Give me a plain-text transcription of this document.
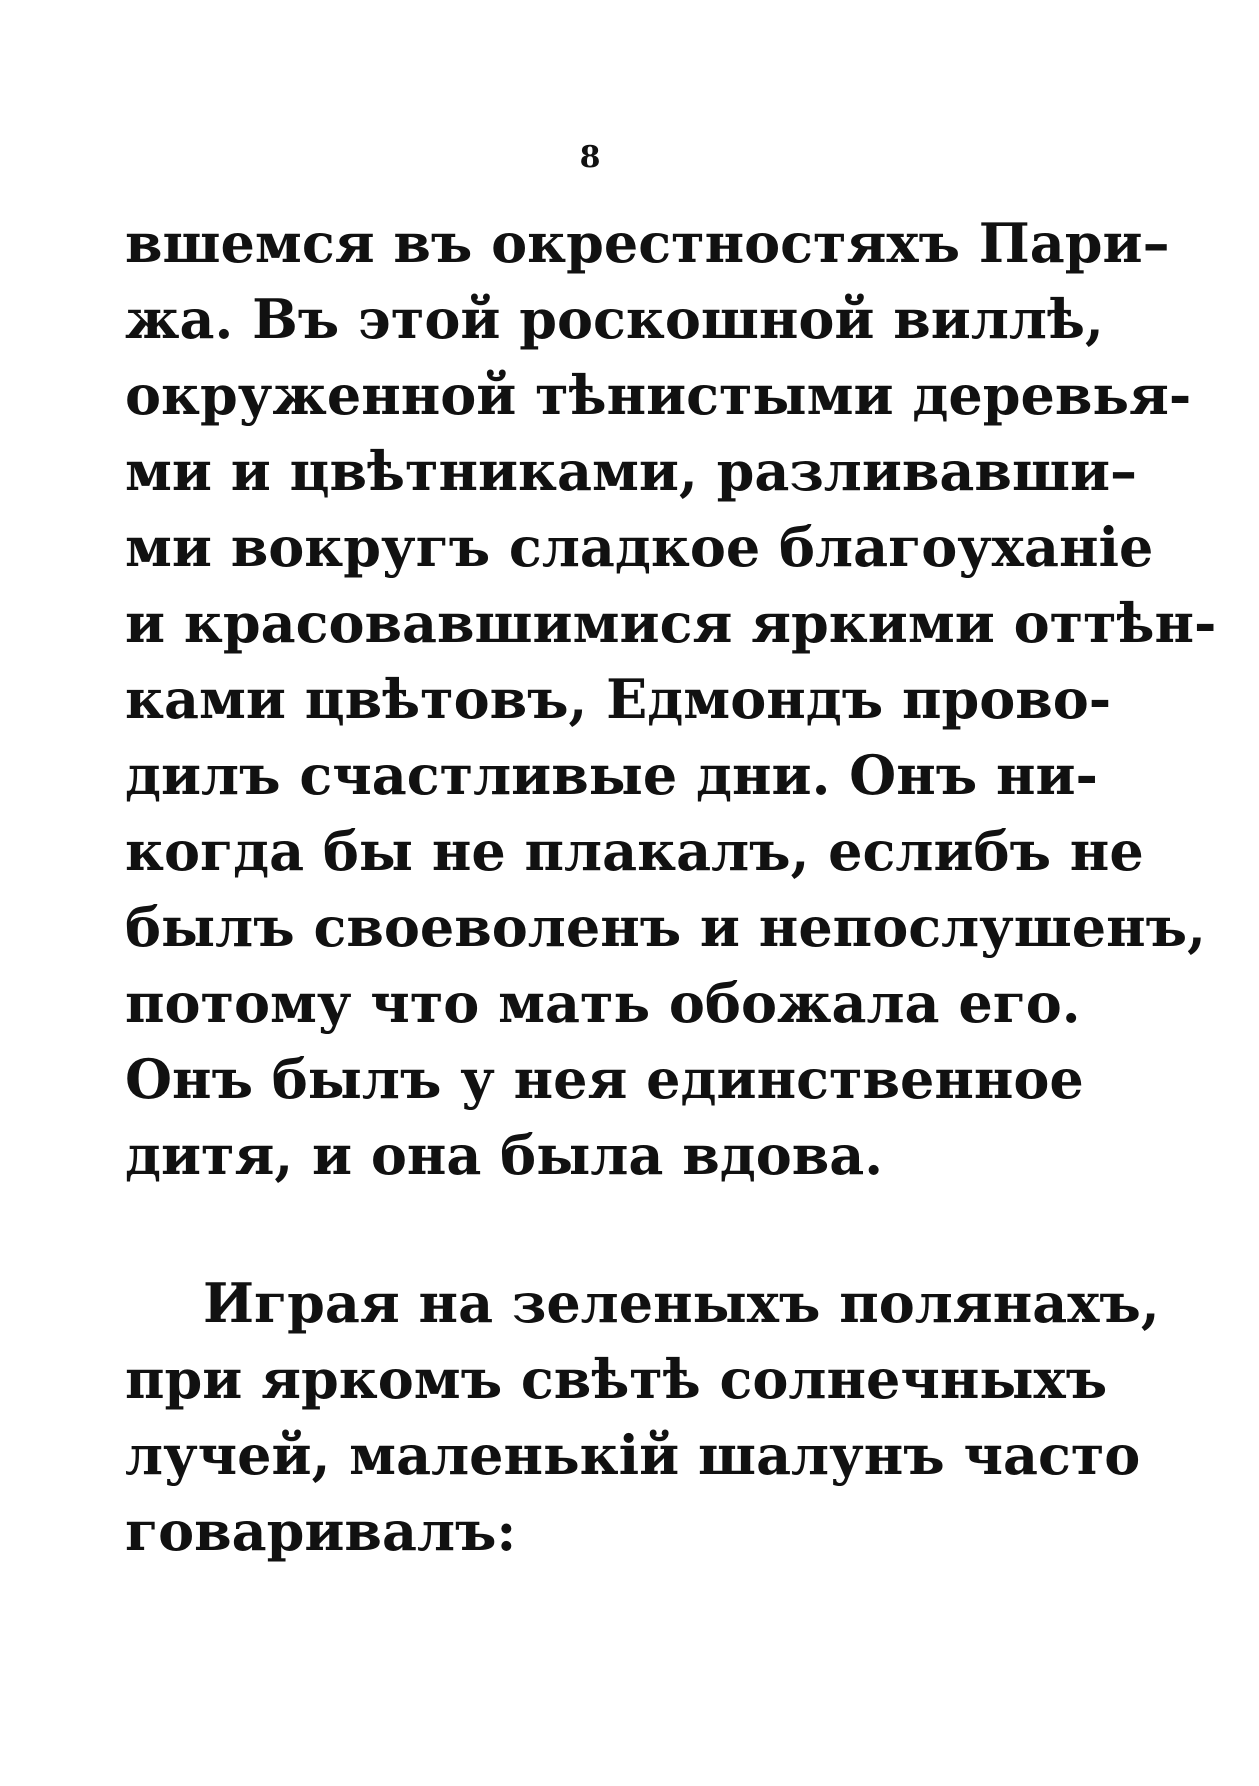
8
вшемся въ окрестностяхъ Пари–
жа. Въ этой роскошной виллѣ,
окруженной тѣнистыми деревья-
ми и цвѣтниками, разливавши–
ми вокругъ сладкое благоуханіе
и красовавшимися яркими оттѣн-
ками цвѣтовъ, Едмондъ прово-
дилъ счастливые дни. Онъ ни-
когда бы не плакалъ, еслибъ не
былъ своеволенъ и непослушенъ,
потому что мать обожала его.
Онъ былъ у нея единственное
дитя, и она была вдова.
Играя на зеленыхъ полянахъ,
при яркомъ свѣтѣ солнечныхъ
лучей, маленькій шалунъ часто
говаривалъ:
